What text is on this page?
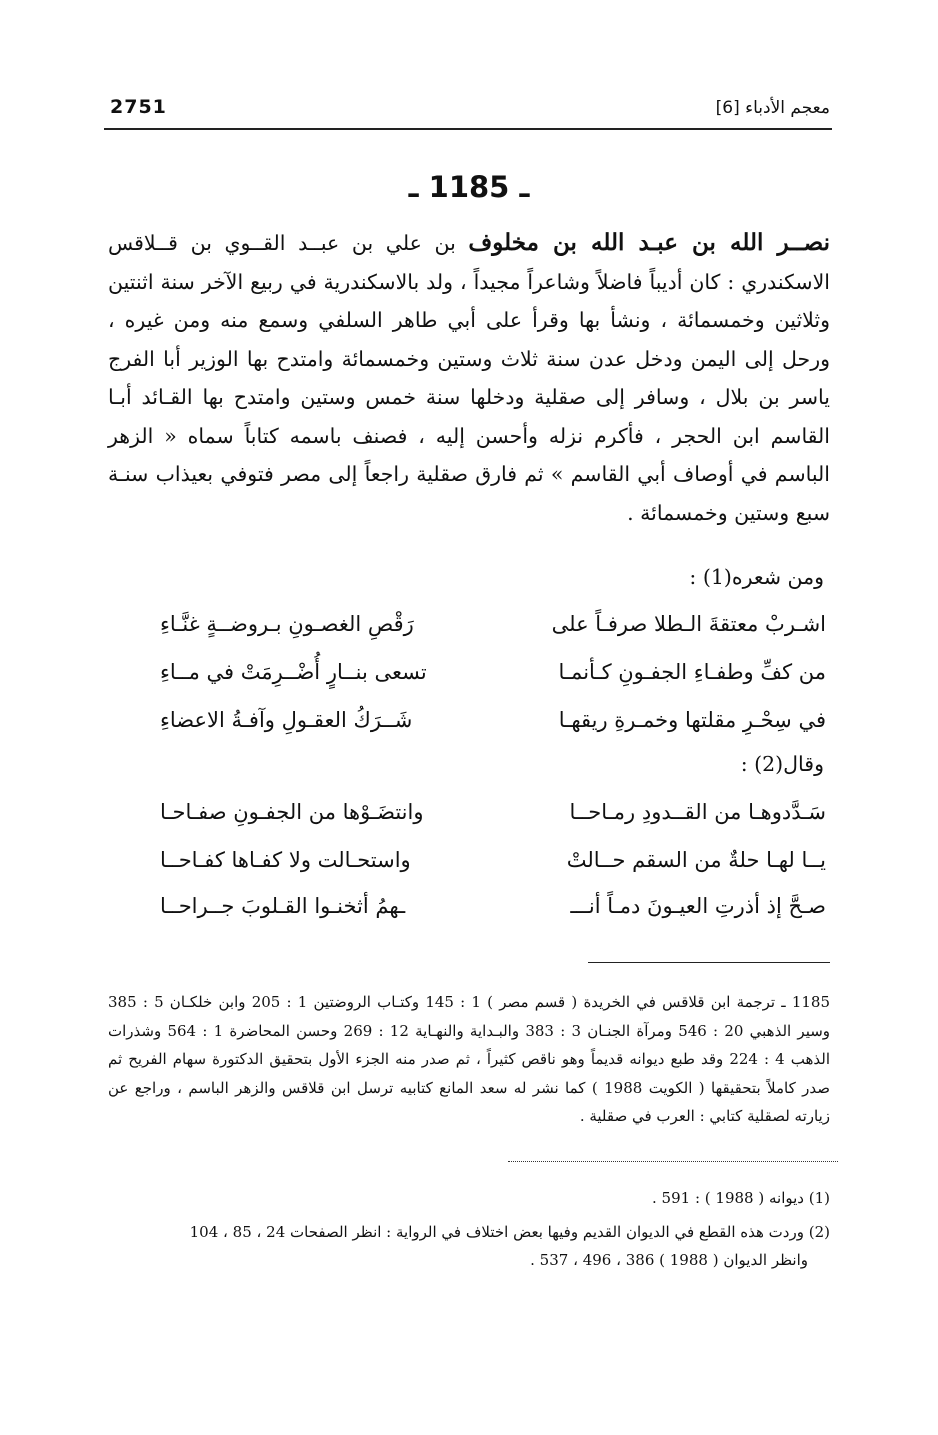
معجم الأدباء [6]
2751
ـ 1185 ـ
نصــر الله بن عبـد الله بن مخلوف بن علي بن عبــد القــوي بن قــلاقس الاسكندري : كان أديباً فاضلاً وشاعراً مجيداً ، ولد بالاسكندرية في ربيع الآخر سنة اثنتين وثلاثين وخمسمائة ، ونشأ بها وقرأ على أبي طاهر السلفي وسمع منه ومن غيره ، ورحل إلى اليمن ودخل عدن سنة ثلاث وستين وخمسمائة وامتدح بها الوزير أبا الفرج ياسر بن بلال ، وسافر إلى صقلية ودخلها سنة خمس وستين وامتدح بها القـائد أبـا القاسم ابن الحجر ، فأكرم نزله وأحسن إليه ، فصنف باسمه كتاباً سماه « الزهر الباسم في أوصاف أبي القاسم » ثم فارق صقلية راجعاً إلى مصر فتوفي بعيذاب سنـة سبع وستين وخمسمائة .
ومن شعره(1) :
اشـربْ معتقةَ الـطلا صرفـاً على
رَقْصِ الغصـونِ بـروضــةٍ غنَّـاءِ
من كفِّ وطفـاءِ الجفـونِ كـأنمـا
تسعى بنــارٍ أُضْــرِمَتْ في مــاءِ
في سِحْـرِ مقلتها وخمـرةِ ريقهـا
شَــرَكُ العقـولِ وآفـةُ الاعضاءِ
وقال(2) :
سَـدَّدوهـا من القــدودِ رمـاحــا
وانتضَـوْها من الجفـونِ صفـاحـا
يــا لهـا حلةٌ من السقم حــالتْ
واستحـالت ولا كفـاها كفـاحــا
صـحَّ إذ أذرتِ العيـونَ دمـاً أنـــ
ـهمُ أثخنـوا القـلوبَ جــراحــا
1185 ـ ترجمة ابن قلاقس في الخريدة ( قسم مصر ) 1 : 145 وكتـاب الروضتين 1 : 205 وابن خلكـان 5 : 385 وسير الذهبي 20 : 546 ومرآة الجنـان 3 : 383 والبـداية والنهـاية 12 : 269 وحسن المحاضرة 1 : 564 وشذرات الذهب 4 : 224 وقد طبع ديوانه قديماً وهو ناقص كثيراً ، ثم صدر منه الجزء الأول بتحقيق الدكتورة سهام الفريح ثم صدر كاملاً بتحقيقها ( الكويت 1988 ) كما نشر له سعد المانع كتابيه ترسل ابن قلاقس والزهر الباسم ، وراجع عن زيارته لصقلية كتابي : العرب في صقلية .
(1) ديوانه ( 1988 ) : 591 .
(2) وردت هذه القطع في الديوان القديم وفيها بعض اختلاف في الرواية : انظر الصفحات 24 ، 85 ، 104
وانظر الديوان ( 1988 ) 386 ، 496 ، 537 .
